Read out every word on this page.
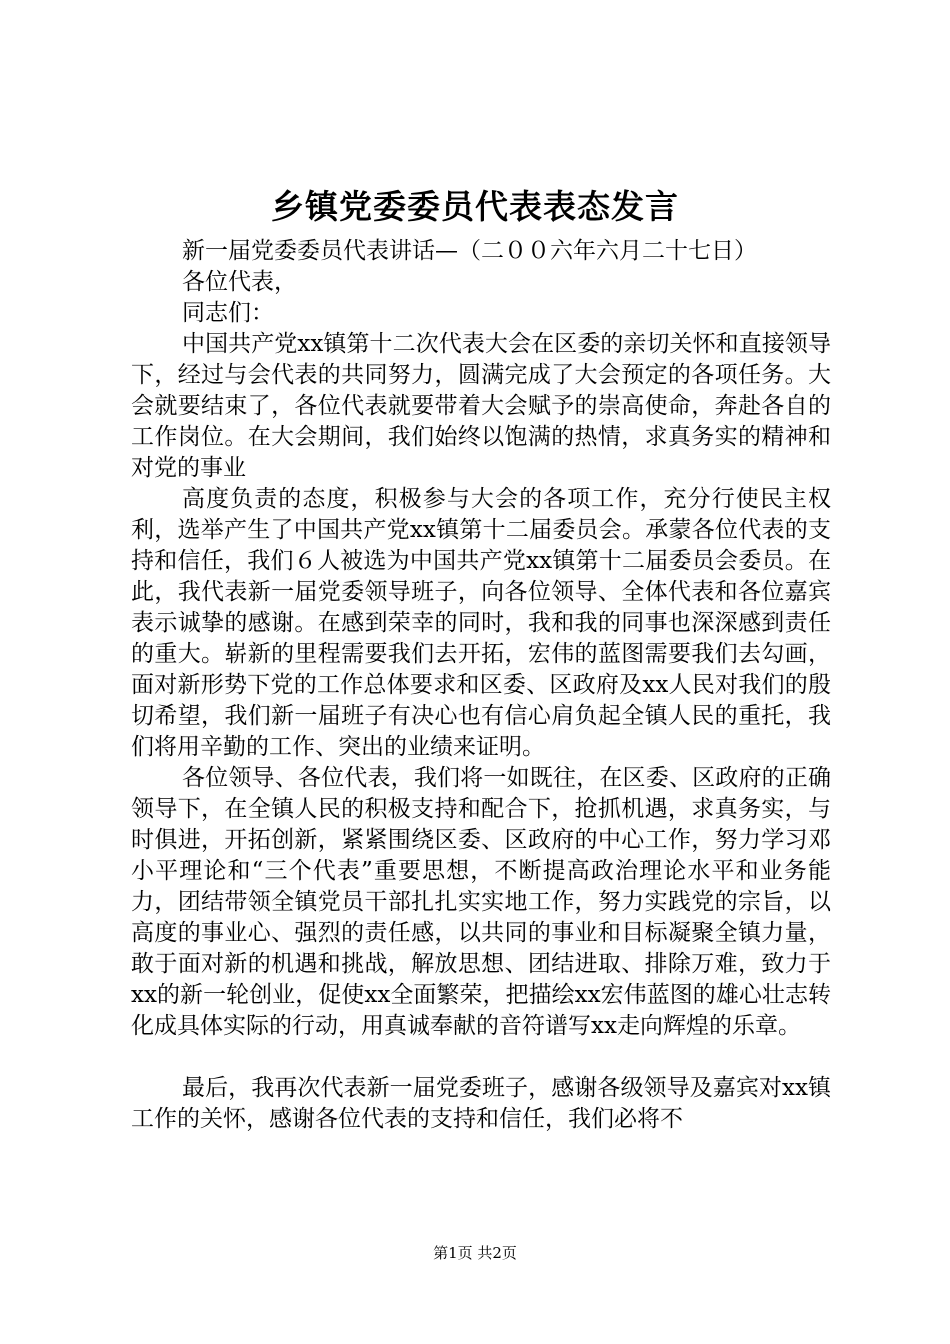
乡镇党委委员代表表态发言

新一届党委委员代表讲话—（二００六年六月二十七日）

各位代表，

同志们：

中国共产党xx镇第十二次代表大会在区委的亲切关怀和直接领导下，经过与会代表的共同努力，圆满完成了大会预定的各项任务。大会就要结束了，各位代表就要带着大会赋予的崇高使命，奔赴各自的工作岗位。在大会期间，我们始终以饱满的热情，求真务实的精神和对党的事业

高度负责的态度，积极参与大会的各项工作，充分行使民主权利，选举产生了中国共产党xx镇第十二届委员会。承蒙各位代表的支持和信任，我们６人被选为中国共产党xx镇第十二届委员会委员。在此，我代表新一届党委领导班子，向各位领导、全体代表和各位嘉宾表示诚挚的感谢。在感到荣幸的同时，我和我的同事也深深感到责任的重大。崭新的里程需要我们去开拓，宏伟的蓝图需要我们去勾画，面对新形势下党的工作总体要求和区委、区政府及xx人民对我们的殷切希望，我们新一届班子有决心也有信心肩负起全镇人民的重托，我们将用辛勤的工作、突出的业绩来证明。

各位领导、各位代表，我们将一如既往，在区委、区政府的正确领导下，在全镇人民的积极支持和配合下，抢抓机遇，求真务实，与时俱进，开拓创新，紧紧围绕区委、区政府的中心工作，努力学习邓小平理论和“三个代表”重要思想，不断提高政治理论水平和业务能力，团结带领全镇党员干部扎扎实实地工作，努力实践党的宗旨，以高度的事业心、强烈的责任感，以共同的事业和目标凝聚全镇力量，敢于面对新的机遇和挑战，解放思想、团结进取、排除万难，致力于xx的新一轮创业，促使xx全面繁荣，把描绘xx宏伟蓝图的雄心壮志转化成具体实际的行动，用真诚奉献的音符谱写xx走向辉煌的乐章。

最后，我再次代表新一届党委班子，感谢各级领导及嘉宾对xx镇工作的关怀，感谢各位代表的支持和信任，我们必将不

第1页 共2页
